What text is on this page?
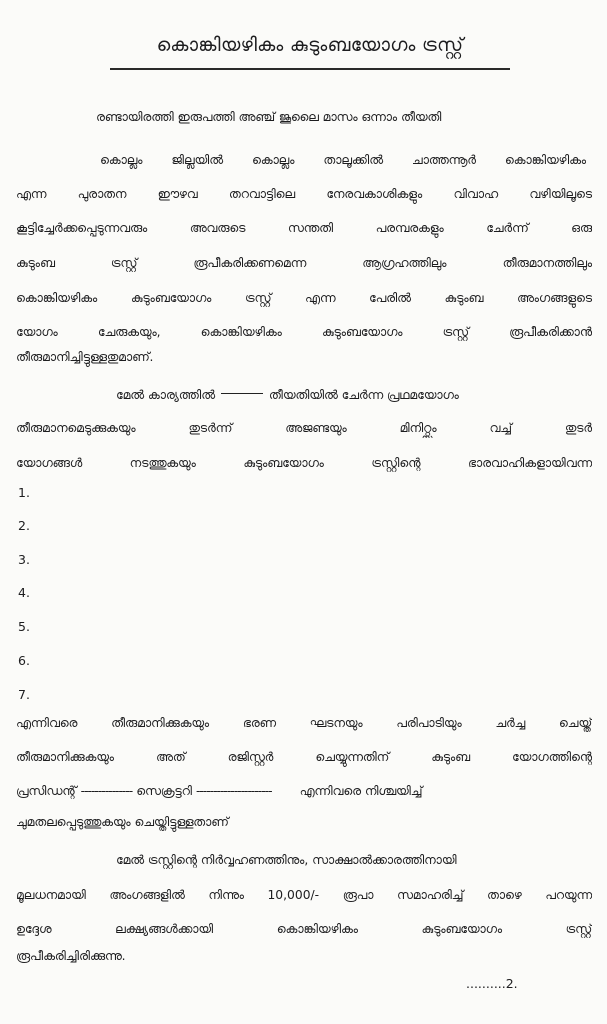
കൊങ്കിയഴികം കുടുംബയോഗം ട്രസ്റ്റ്
രണ്ടായിരത്തി ഇരുപത്തി അഞ്ച് ജൂലൈ മാസം ഒന്നാം തീയതി
കൊല്ലം ജില്ലയിൽ കൊല്ലം താലൂക്കിൽ ചാത്തന്നൂർ കൊങ്കിയഴികം
എന്ന പുരാതന ഈഴവ തറവാട്ടിലെ നേരവകാശികളും വിവാഹ വഴിയിലൂടെ
കൂട്ടിച്ചേർക്കപ്പെടുന്നവരും അവരുടെ സന്തതി പരമ്പരകളും ചേർന്ന് ഒരു
കുടുംബ ട്രസ്റ്റ് രൂപീകരിക്കണമെന്ന ആഗ്രഹത്തിലും തീരുമാനത്തിലും
കൊങ്കിയഴികം കുടുംബയോഗം ട്രസ്റ്റ് എന്ന പേരിൽ കുടുംബ അംഗങ്ങളുടെ
യോഗം ചേരുകയും, കൊങ്കിയഴികം കുടുംബയോഗം ട്രസ്റ്റ് രൂപീകരിക്കാൻ
തീരുമാനിച്ചിട്ടുള്ളതുമാണ്.
മേൽ കാര്യത്തിൽ	തീയതിയിൽ ചേർന്ന പ്രഥമയോഗം
തീരുമാനമെടുക്കുകയും തുടർന്ന് അജണ്ടയും മിനിറ്റ്സും വച്ച് തുടർ
യോഗങ്ങൾ നടത്തുകയും കുടുംബയോഗം ട്രസ്റ്റിന്റെ ഭാരവാഹികളായിവന്ന
1.
2.
3.
4.
5.
6.
7.
എന്നിവരെ തീരുമാനിക്കുകയും ഭരണ ഘടനയും പരിപാടിയും ചർച്ച ചെയ്ത്
തീരുമാനിക്കുകയും അത് രജിസ്റ്റർ ചെയ്യുന്നതിന് കുടുംബ യോഗത്തിന്റെ
പ്രസിഡന്റ് --------------- സെക്രട്ടറി ---------------------- എന്നിവരെ നിശ്ചയിച്ച്
ചുമതലപ്പെടുത്തുകയും ചെയ്തിട്ടുള്ളതാണ്
മേൽ ട്രസ്റ്റിന്റെ നിർവ്വഹണത്തിനും, സാക്ഷാൽക്കാരത്തിനായി
മൂലധനമായി അംഗങ്ങളിൽ നിന്നും 10,000/- രൂപാ സമാഹരിച്ച് താഴെ പറയുന്ന
ഉദ്ദേശ ലക്ഷ്യങ്ങൾക്കായി കൊങ്കിയഴികം കുടുംബയോഗം ട്രസ്റ്റ്
രൂപീകരിച്ചിരിക്കുന്നു.
..........2.
